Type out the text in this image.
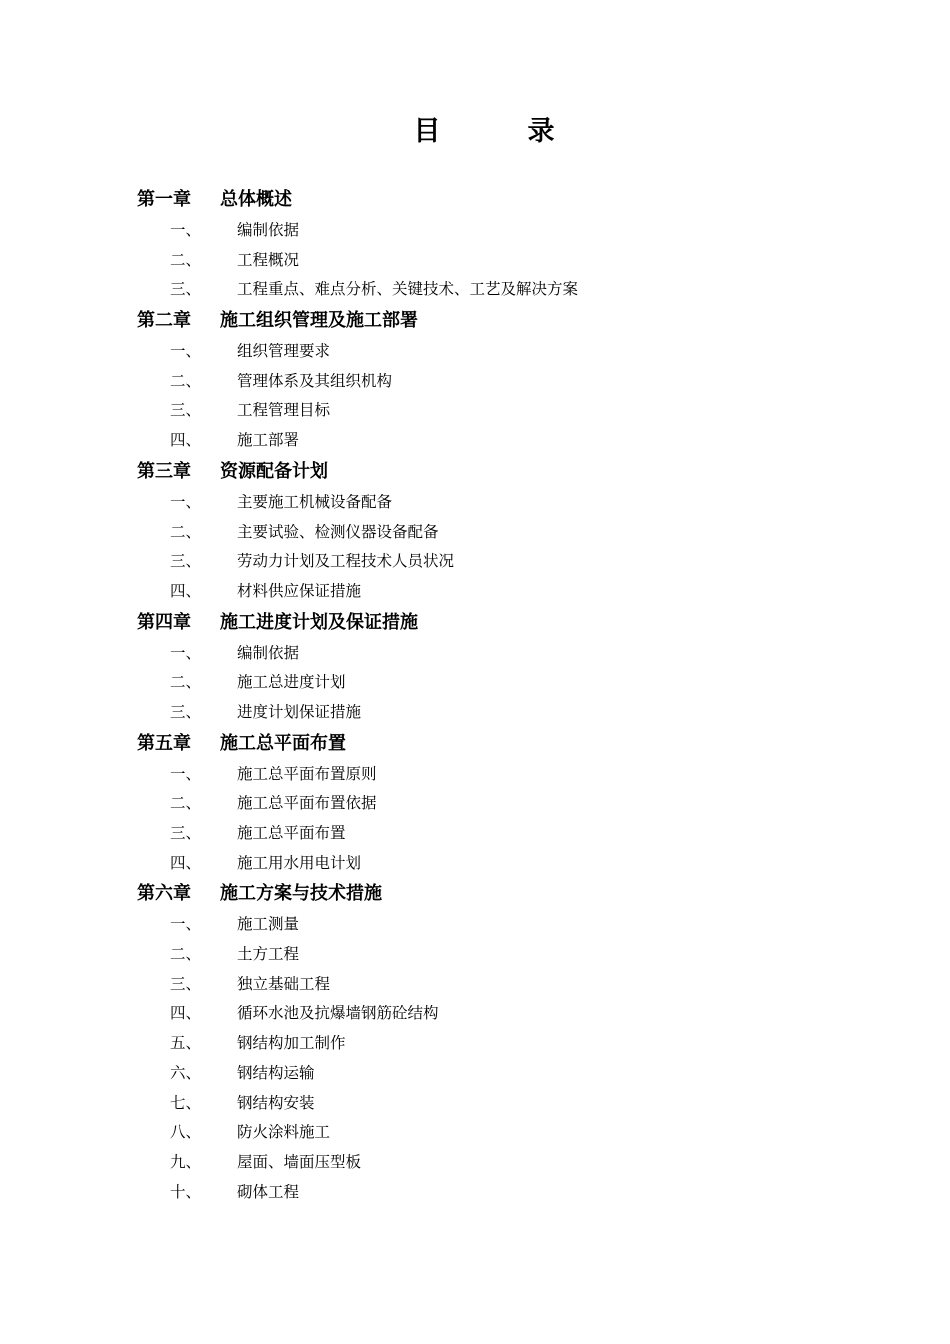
目　录
第一章 总体概述
一、 编制依据
二、 工程概况
三、 工程重点、难点分析、关键技术、工艺及解决方案
第二章 施工组织管理及施工部署
一、 组织管理要求
二、 管理体系及其组织机构
三、 工程管理目标
四、 施工部署
第三章 资源配备计划
一、 主要施工机械设备配备
二、 主要试验、检测仪器设备配备
三、 劳动力计划及工程技术人员状况
四、 材料供应保证措施
第四章 施工进度计划及保证措施
一、 编制依据
二、 施工总进度计划
三、 进度计划保证措施
第五章 施工总平面布置
一、 施工总平面布置原则
二、 施工总平面布置依据
三、 施工总平面布置
四、 施工用水用电计划
第六章 施工方案与技术措施
一、 施工测量
二、 土方工程
三、 独立基础工程
四、 循环水池及抗爆墙钢筋砼结构
五、 钢结构加工制作
六、 钢结构运输
七、 钢结构安装
八、 防火涂料施工
九、 屋面、墙面压型板
十、 砌体工程
